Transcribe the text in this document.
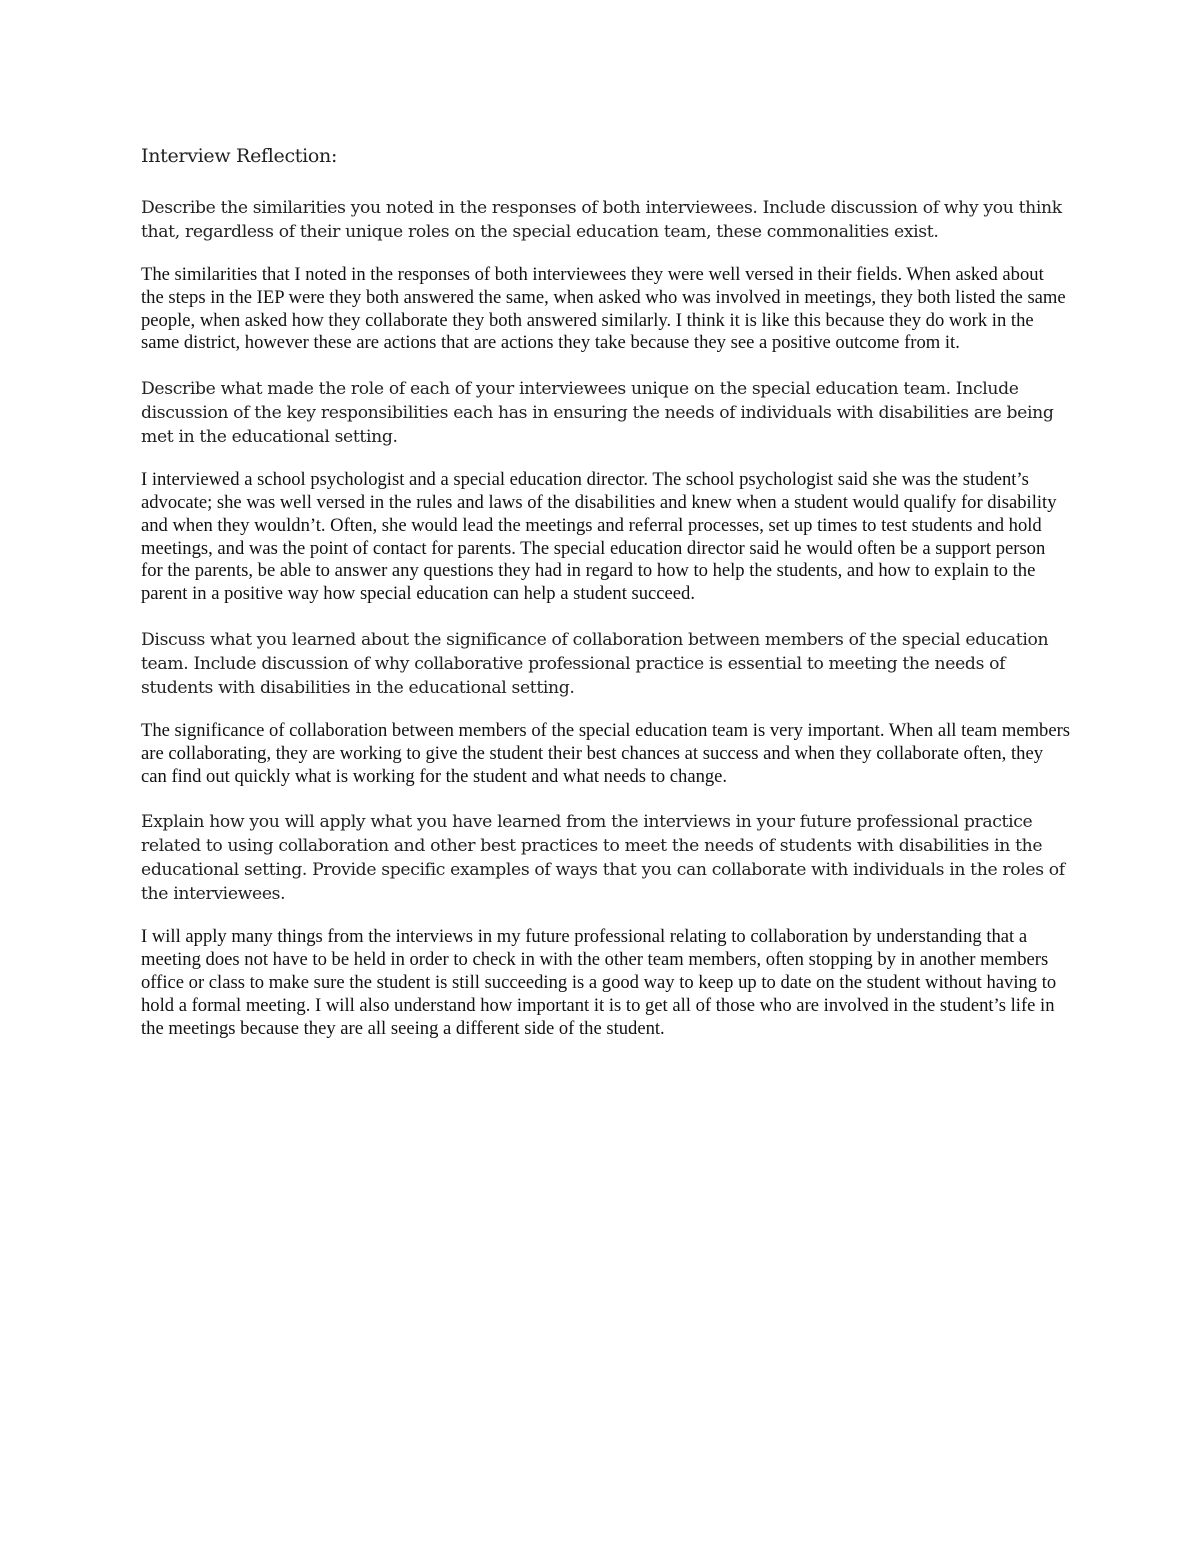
Interview Reflection:

Describe the similarities you noted in the responses of both interviewees. Include discussion of why you think that, regardless of their unique roles on the special education team, these commonalities exist.

The similarities that I noted in the responses of both interviewees they were well versed in their fields. When asked about the steps in the IEP were they both answered the same, when asked who was involved in meetings, they both listed the same people, when asked how they collaborate they both answered similarly. I think it is like this because they do work in the same district, however these are actions that are actions they take because they see a positive outcome from it.

Describe what made the role of each of your interviewees unique on the special education team. Include discussion of the key responsibilities each has in ensuring the needs of individuals with disabilities are being met in the educational setting.

I interviewed a school psychologist and a special education director. The school psychologist said she was the student’s advocate; she was well versed in the rules and laws of the disabilities and knew when a student would qualify for disability and when they wouldn’t. Often, she would lead the meetings and referral processes, set up times to test students and hold meetings, and was the point of contact for parents. The special education director said he would often be a support person for the parents, be able to answer any questions they had in regard to how to help the students, and how to explain to the parent in a positive way how special education can help a student succeed.

Discuss what you learned about the significance of collaboration between members of the special education team. Include discussion of why collaborative professional practice is essential to meeting the needs of students with disabilities in the educational setting.

The significance of collaboration between members of the special education team is very important. When all team members are collaborating, they are working to give the student their best chances at success and when they collaborate often, they can find out quickly what is working for the student and what needs to change.

Explain how you will apply what you have learned from the interviews in your future professional practice related to using collaboration and other best practices to meet the needs of students with disabilities in the educational setting. Provide specific examples of ways that you can collaborate with individuals in the roles of the interviewees.

I will apply many things from the interviews in my future professional relating to collaboration by understanding that a meeting does not have to be held in order to check in with the other team members, often stopping by in another members office or class to make sure the student is still succeeding is a good way to keep up to date on the student without having to hold a formal meeting. I will also understand how important it is to get all of those who are involved in the student’s life in the meetings because they are all seeing a different side of the student.
